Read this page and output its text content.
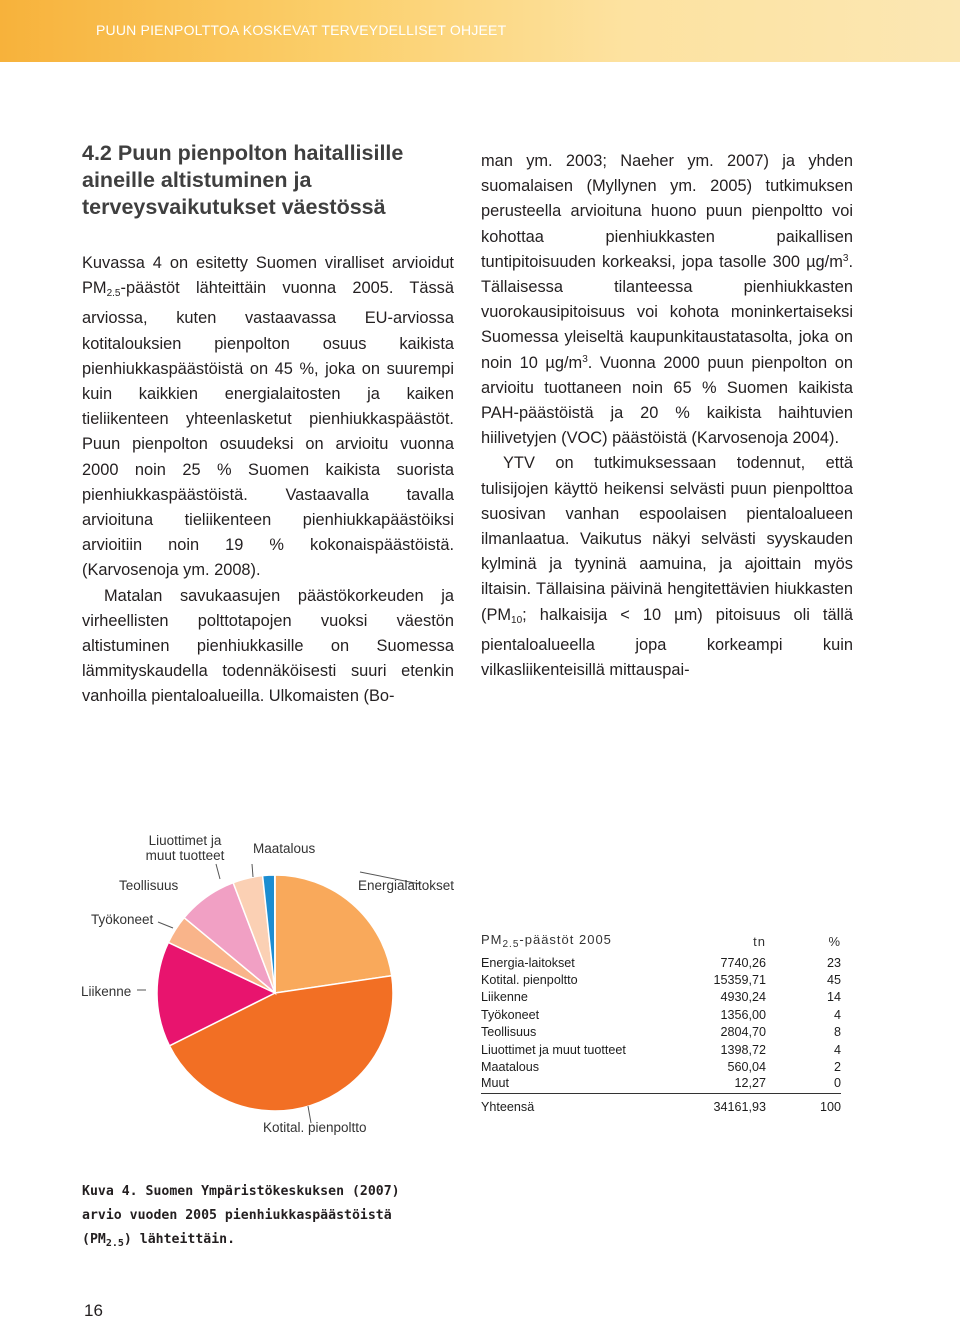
PUUN PIENPOLTTOA KOSKEVAT TERVEYDELLISET OHJEET
4.2 Puun pienpolton haitallisille
aineille altistuminen ja
terveysvaikutukset väestössä

Kuvassa 4 on esitetty Suomen viralliset arvioidut $PM_{2.5}$-päästöt lähteittäin vuonna 2005. Tässä arviossa, kuten vastaavassa EU-arviossa kotitalouksien pienpolton osuus kaikista pienhiukkaspäästöistä on 45 %, joka on suurempi kuin kaikkien energialaitosten ja kaiken tieliikenteen yhteenlasketut pienhiukkaspäästöt. Puun pienpolton osuudeksi on arvioitu vuonna 2000 noin 25 % Suomen kaikista suorista pienhiukkaspäästöistä. Vastaavalla tavalla arvioituna tieliikenteen pienhiukkapäästöiksi arvioitiin noin 19 % kokonaispäästöistä.(Karvosenoja ym. 2008).

Matalan savukaasujen päästökorkeuden ja virheellisten polttotapojen vuoksi väestön altistuminen pienhiukkasille on Suomessa lämmityskaudella todennäköisesti suuri etenkin vanhoilla pientaloalueilla. Ulkomaisten (Bo-

man ym. 2003; Naeher ym. 2007) ja yhden suomalaisen (Myllynen ym. 2005) tutkimuksen perusteella arvioituna huono puun pienpoltto voi kohottaa pienhiukkasten paikallisen tuntipitoisuuden korkeaksi, jopa tasolle 300 $\mu g/m^3$. Tällaisessa tilanteessa pienhiukkasten vuorokausipitoisuus voi kohota moninkertaiseksi Suomessa yleiseltä kaupunkitaustatasolta, joka on noin 10 $\mu g/m^3$. Vuonna 2000 puun pienpolton on arvioitu tuottaneen noin 65 % Suomen kaikista PAH-päästöistä ja 20 % kaikista haihtuvien hiilivetyjen (VOC) päästöistä (Karvosenoja 2004).

YTV on tutkimuksessaan todennut, että tulisijojen käyttö heikensi selvästi puun pienpolttoa suosivan vanhan espoolaisen pientaloalueen ilmanlaatua. Vaikutus näkyi selvästi syyskauden kylminä ja tyyninä aamuina, ja ajoittain myös iltaisin. Tällaisina päivinä hengitettävien hiukkasten ($PM_{10}$; halkaisija < 10 µm) pitoisuus oli tällä pientaloalueella jopa korkeampi kuin vilkasliikenteisillä mittauspai-

Liuottimet ja muut tuotteet Maatalous
Teollisuus	Energialaitokset
Työkoneet
Liikenne
Kotital. pienpoltto
$PM_{2.5}$-päästöt 2005	tn	%
Energia-laitokset	7740,26	23
Kotital. pienpoltto	15359,71	45
Liikenne	4930,24	14
Työkoneet	1356,00	4
Teollisuus	2804,70	8
Liuottimet ja muut tuotteet	1398,72	4
Maatalous	560,04	2
Muut	12,27	0
Yhteensä	34161,93	100
Kuva 4. Suomen Ympäristökeskuksen (2007)
arvio vuoden 2005 pienhiukkaspäästöistä
$(PM_{2.5})$ lähteittäin.
16
